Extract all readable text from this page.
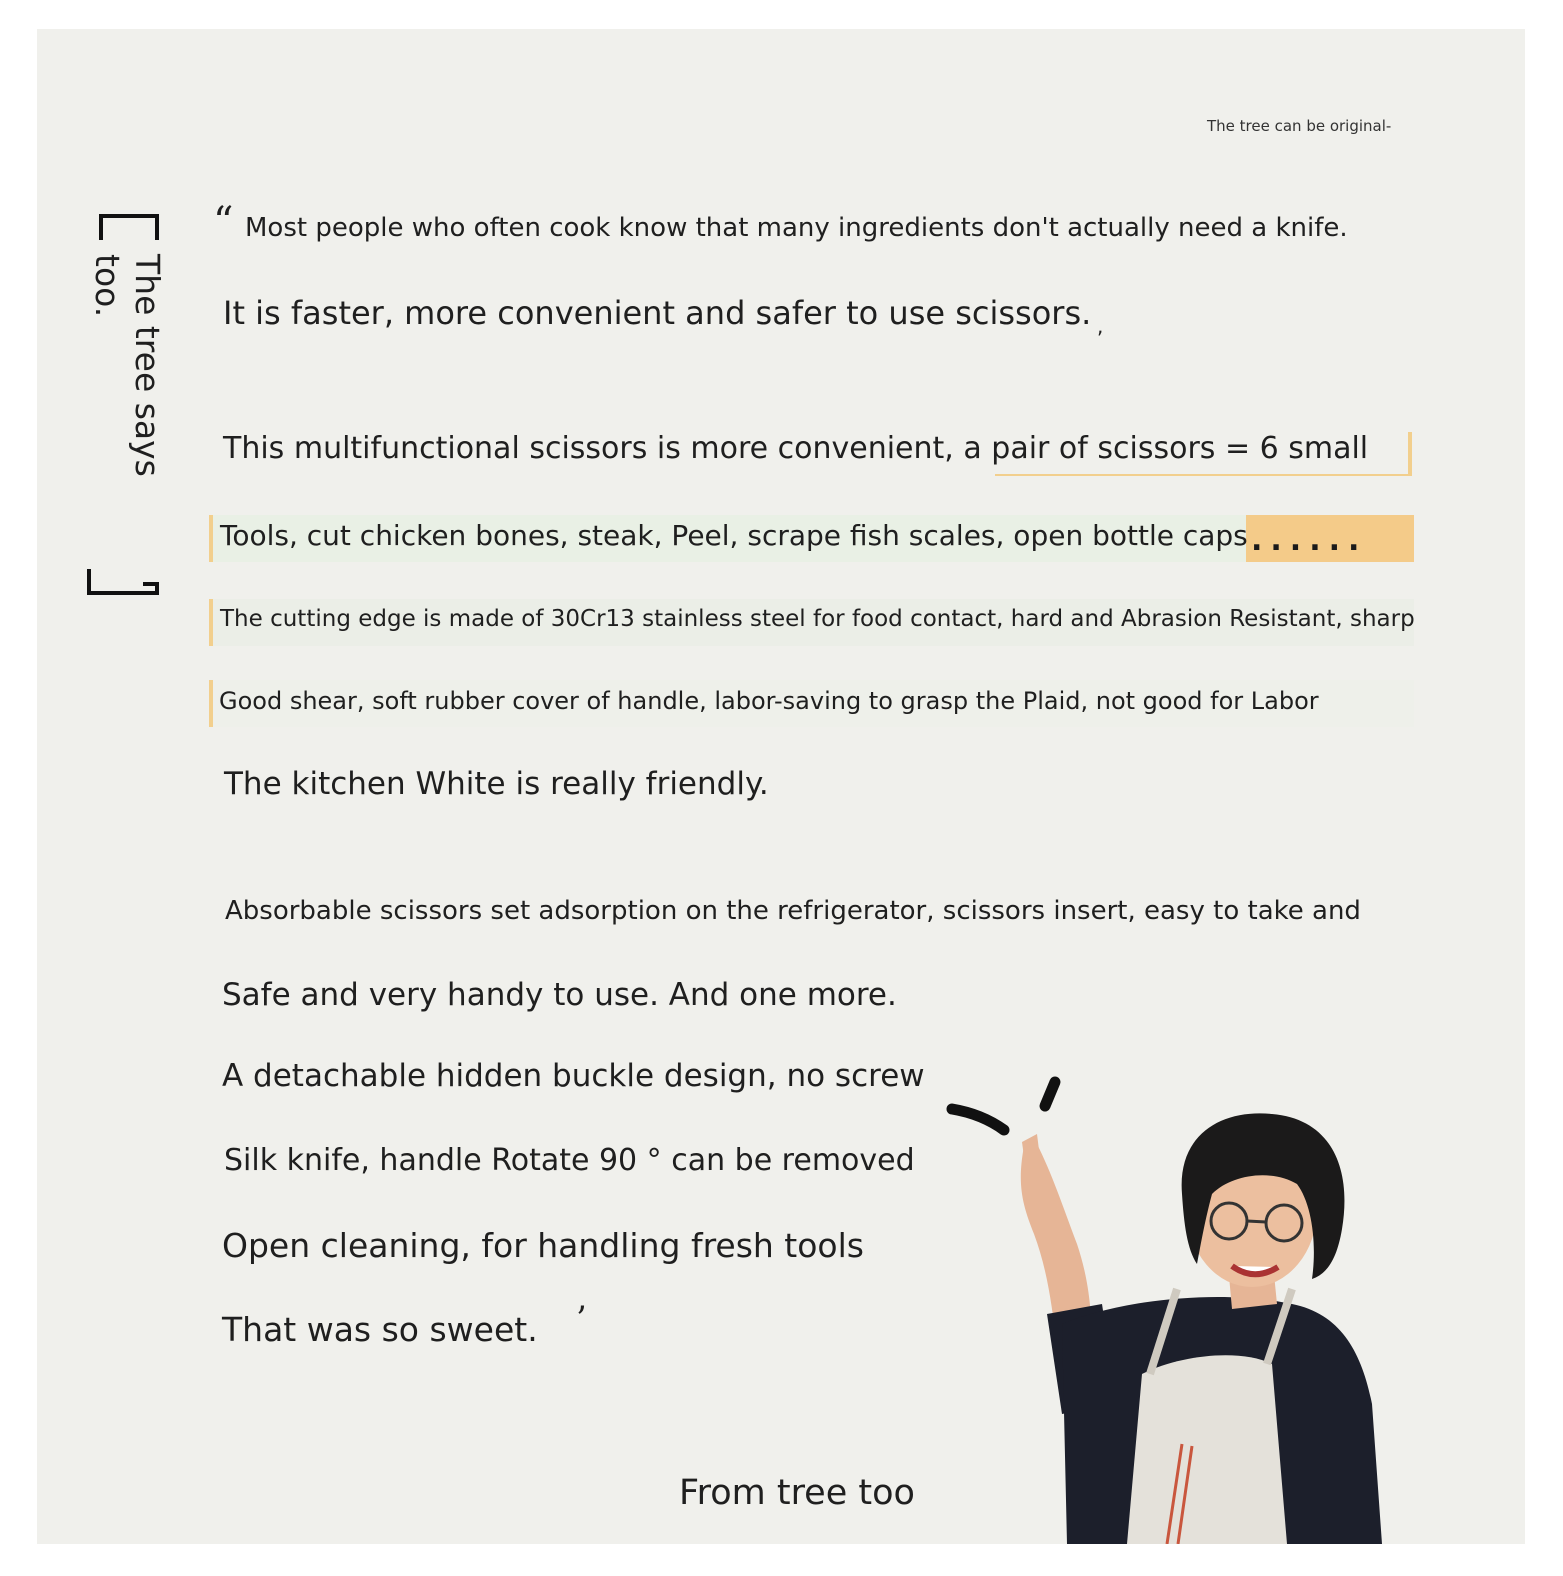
The tree can be original-
The tree says too.
“ Most people who often cook know that many ingredients don't actually need a knife.
It is faster, more convenient and safer to use scissors. ,
This multifunctional scissors is more convenient, a pair of scissors = 6 small
......
Tools, cut chicken bones, steak, Peel, scrape fish scales, open bottle caps
The cutting edge is made of 30Cr13 stainless steel for food contact, hard and Abrasion Resistant, sharp
Good shear, soft rubber cover of handle, labor-saving to grasp the Plaid, not good for Labor
The kitchen White is really friendly.
Absorbable scissors set adsorption on the refrigerator, scissors insert, easy to take and
Safe and very handy to use. And one more.
A detachable hidden buckle design, no screw
Silk knife, handle Rotate 90 ° can be removed
Open cleaning, for handling fresh tools
That was so sweet. ’
From tree too
